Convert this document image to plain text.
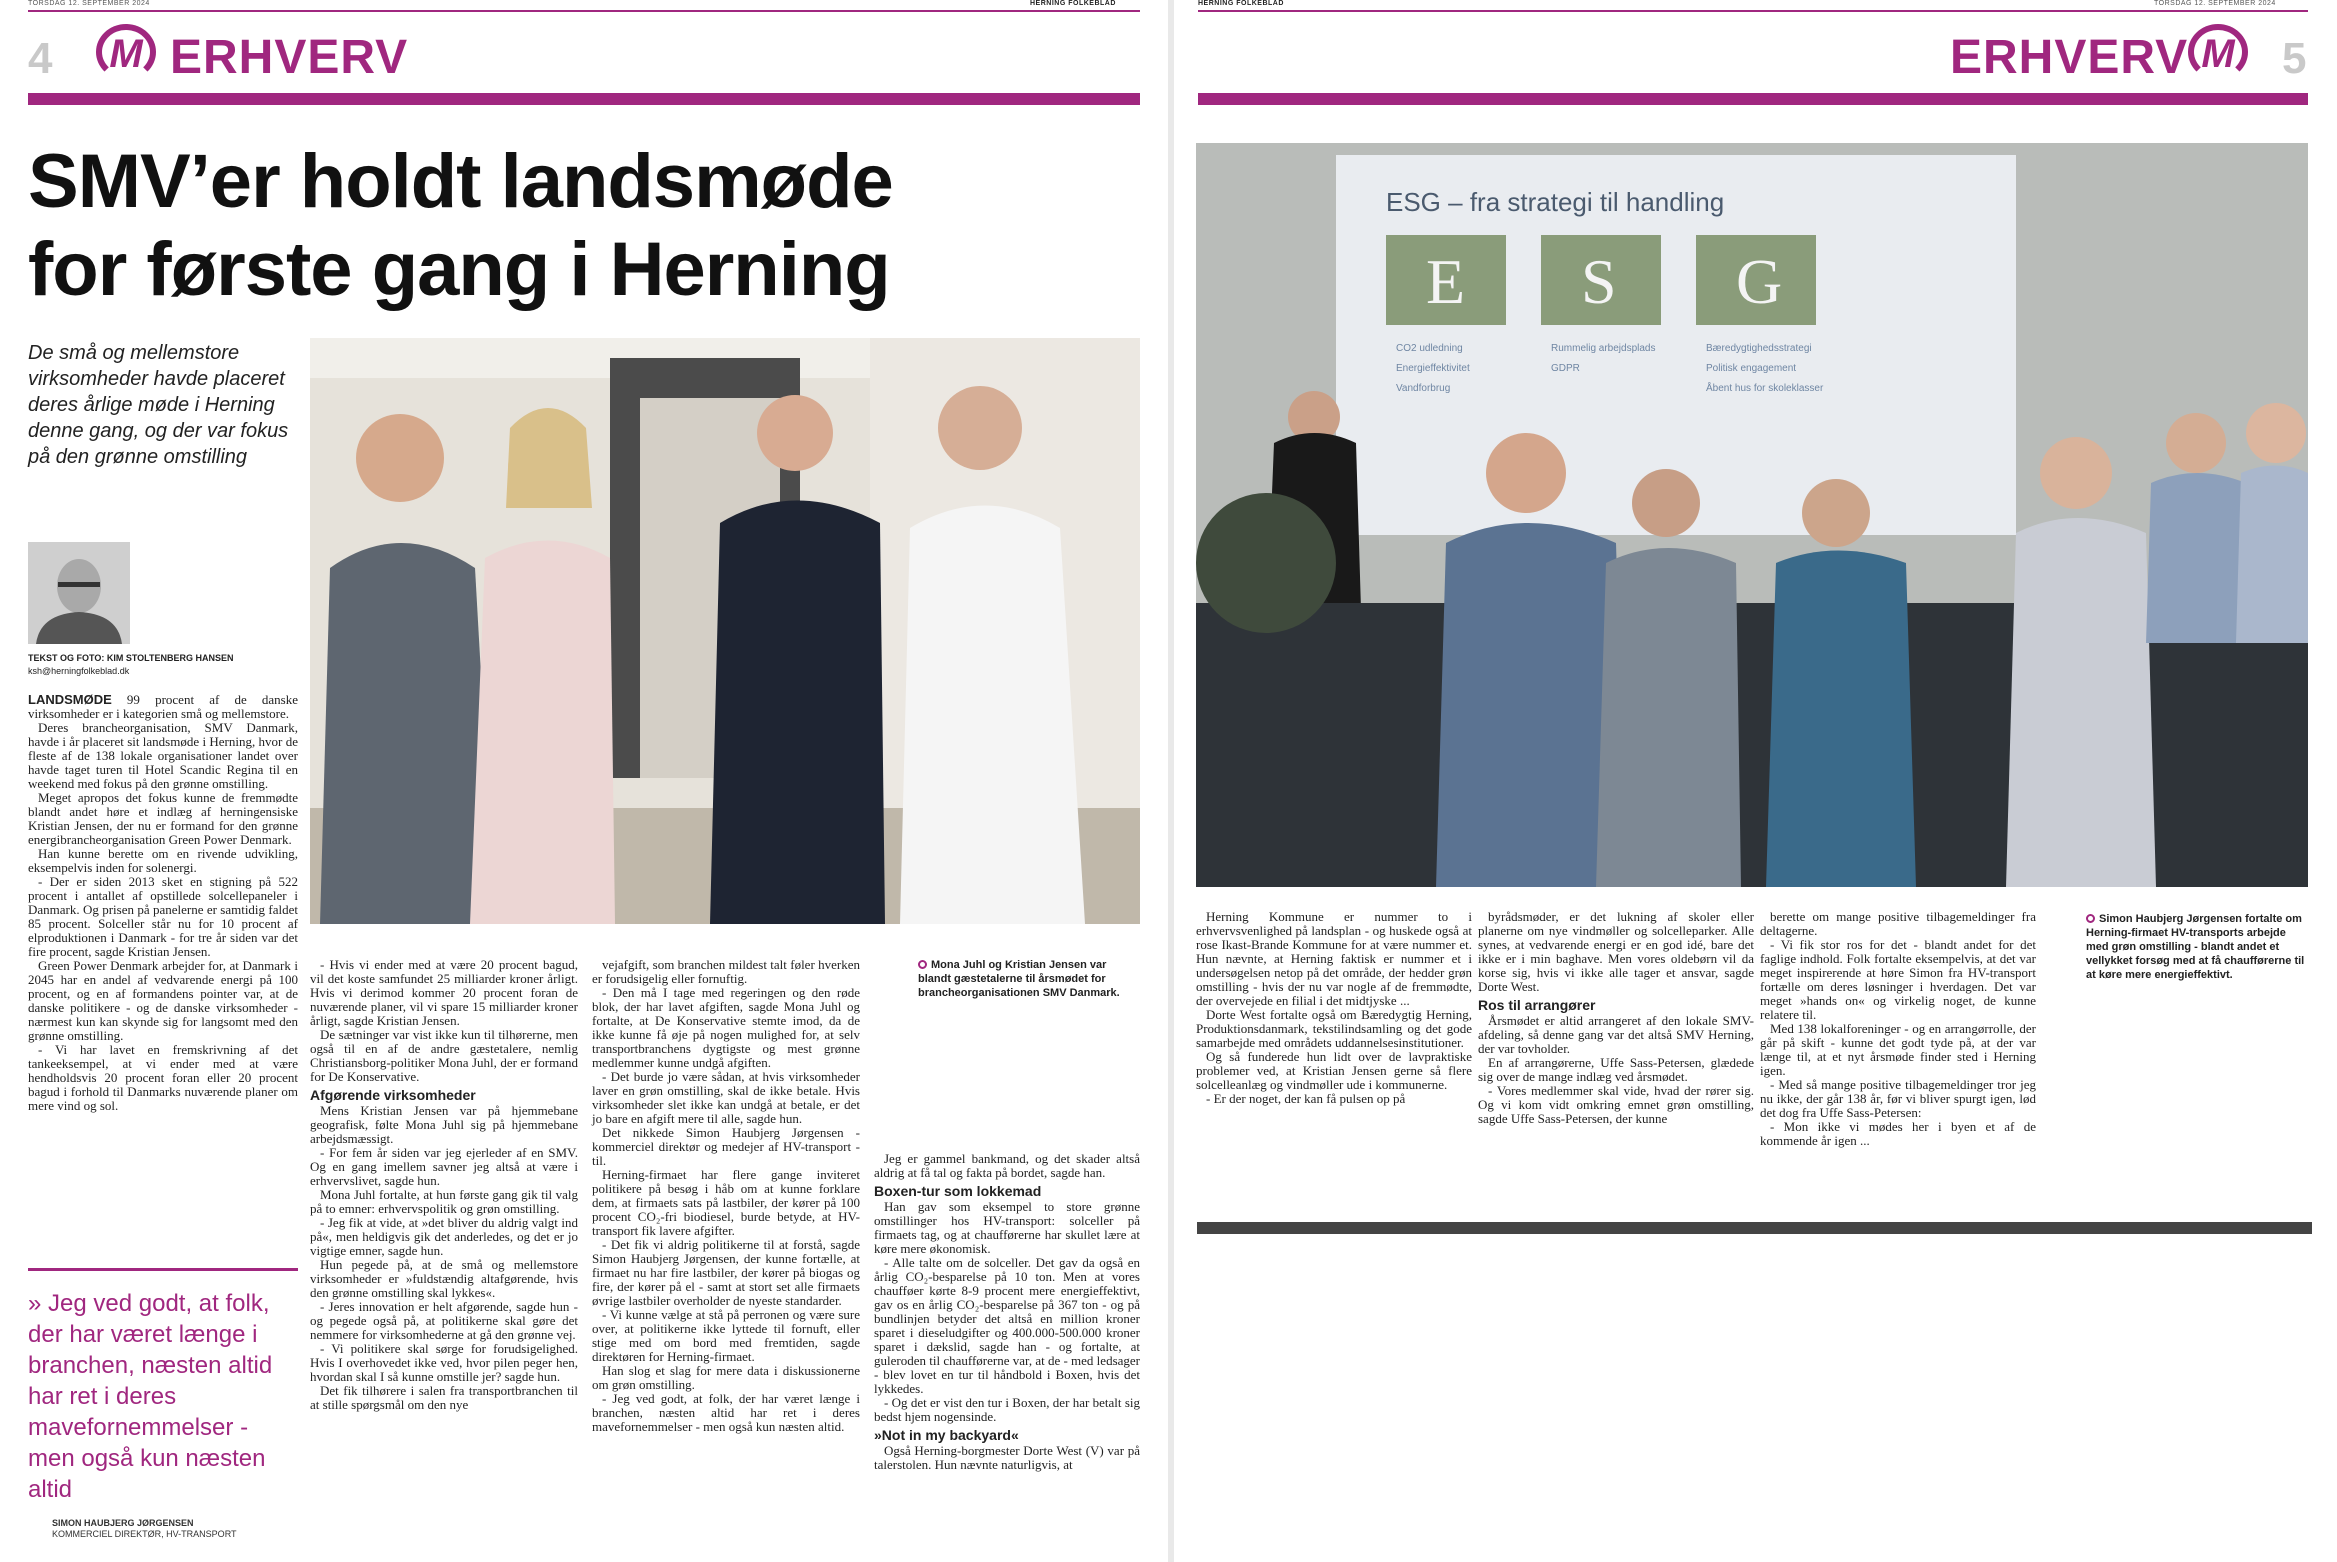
TORSDAG 12. SEPTEMBER 2024	HERNING FOLKEBLAD
4 M ERHVERV
SMV’er holdt landsmøde
for første gang i Herning
De små og mellemstore virksomheder havde placeret deres årlige møde i Herning denne gang, og der var fokus på den grønne omstilling
TEKST OG FOTO: KIM STOLTENBERG HANSEN
ksh@herningfolkeblad.dk
LANDSMØDE 99 procent af de danske virksomheder er i kategorien små og mellemstore.
Deres brancheorganisation, SMV Danmark, havde i år placeret sit landsmøde i Herning, hvor de fleste af de 138 lokale organisationer landet over havde taget turen til Hotel Scandic Regina til en weekend med fokus på den grønne omstilling.
Meget apropos det fokus kunne de fremmødte blandt andet høre et indlæg af herningensiske Kristian Jensen, der nu er formand for den grønne energibrancheorganisation Green Power Denmark.
Han kunne berette om en rivende udvikling, eksempelvis inden for solenergi.
- Der er siden 2013 sket en stigning på 522 procent i antallet af opstillede solcellepaneler i Danmark. Og prisen på panelerne er samtidig faldet 85 procent. Solceller står nu for 10 procent af elproduktionen i Danmark - for tre år siden var det fire procent, sagde Kristian Jensen.
Green Power Denmark arbejder for, at Danmark i 2045 har en andel af vedvarende energi på 100 procent, og en af formandens pointer var, at de danske politikere - og de danske virksomheder - nærmest kun kan skynde sig for langsomt med den grønne omstilling.
- Vi har lavet en fremskrivning af det tankeeksempel, at vi ender med at være hendholdsvis 20 procent foran eller 20 procent bagud i forhold til Danmarks nuværende planer om mere vind og sol.
» Jeg ved godt, at folk, der har været længe i branchen, næsten altid har ret i deres mavefornemmelser - men også kun næsten altid
SIMON HAUBJERG JØRGENSEN
KOMMERCIEL DIREKTØR, HV-TRANSPORT
- Hvis vi ender med at være 20 procent bagud, vil det koste samfundet 25 milliarder kroner årligt. Hvis vi derimod kommer 20 procent foran de nuværende planer, vil vi spare 15 milliarder kroner årligt, sagde Kristian Jensen.
De sætninger var vist ikke kun til tilhørerne, men også til en af de andre gæstetalere, nemlig Christiansborg-politiker Mona Juhl, der er formand for De Konservative.
Afgørende virksomheder
Mens Kristian Jensen var på hjemmebane geografisk, følte Mona Juhl sig på hjemmebane arbejdsmæssigt.
- For fem år siden var jeg ejerleder af en SMV. Og en gang imellem savner jeg altså at være i erhvervslivet, sagde hun.
Mona Juhl fortalte, at hun første gang gik til valg på to emner: erhvervspolitik og grøn omstilling.
- Jeg fik at vide, at »det bliver du aldrig valgt ind på«, men heldigvis gik det anderledes, og det er jo vigtige emner, sagde hun.
Hun pegede på, at de små og mellemstore virksomheder er »fuldstændig altafgørende, hvis den grønne omstilling skal lykkes«.
- Jeres innovation er helt afgørende, sagde hun - og pegede også på, at politikerne skal gøre det nemmere for virksomhederne at gå den grønne vej.
- Vi politikere skal sørge for forudsigelighed. Hvis I overhovedet ikke ved, hvor pilen peger hen, hvordan skal I så kunne omstille jer? sagde hun.
Det fik tilhørere i salen fra transportbranchen til at stille spørgsmål om den nye
vejafgift, som branchen mildest talt føler hverken er forudsigelig eller fornuftig.
- Den må I tage med regeringen og den røde blok, der har lavet afgiften, sagde Mona Juhl og fortalte, at De Konservative stemte imod, da de ikke kunne få øje på nogen mulighed for, at selv transportbranchens dygtigste og mest grønne medlemmer kunne undgå afgiften.
- Det burde jo være sådan, at hvis virksomheder laver en grøn omstilling, skal de ikke betale. Hvis virksomheder slet ikke kan undgå at betale, er det jo bare en afgift mere til alle, sagde hun.
Det nikkede Simon Haubjerg Jørgensen - kommerciel direktør og medejer af HV-transport - til.
Herning-firmaet har flere gange inviteret politikere på besøg i håb om at kunne forklare dem, at firmaets sats på lastbiler, der kører på 100 procent CO₂-fri biodiesel, burde betyde, at HV-transport fik lavere afgifter.
- Det fik vi aldrig politikerne til at forstå, sagde Simon Haubjerg Jørgensen, der kunne fortælle, at firmaet nu har fire lastbiler, der kører på biogas og fire, der kører på el - samt at stort set alle firmaets øvrige lastbiler overholder de nyeste standarder.
- Vi kunne vælge at stå på perronen og være sure over, at politikerne ikke lyttede til fornuft, eller stige med om bord med fremtiden, sagde direktøren for Herning-firmaet.
Han slog et slag for mere data i diskussionerne om grøn omstilling.
- Jeg ved godt, at folk, der har været længe i branchen, næsten altid har ret i deres mavefornemmelser - men også kun næsten altid.
Mona Juhl og Kristian Jensen var blandt gæstetalerne til årsmødet for brancheorganisationen SMV Danmark.
Jeg er gammel bankmand, og det skader altså aldrig at få tal og fakta på bordet, sagde han.
Boxen-tur som lokkemad
Han gav som eksempel to store grønne omstillinger hos HV-transport: solceller på firmaets tag, og at chaufførerne har skullet lære at køre mere økonomisk.
- Alle talte om de solceller. Det gav da også en årlig CO₂-besparelse på 10 ton. Men at vores chaufføer kørte 8-9 procent mere energieffektivt, gav os en årlig CO₂-besparelse på 367 ton - og på bundlinjen betyder det altså en million kroner sparet i dieseludgifter og 400.000-500.000 kroner sparet i dækslid, sagde han - og fortalte, at guleroden til chaufførerne var, at de - med ledsager - blev lovet en tur til håndbold i Boxen, hvis det lykkedes.
- Og det er vist den tur i Boxen, der har betalt sig bedst hjem nogensinde.
»Not in my backyard«
Også Herning-borgmester Dorte West (V) var på talerstolen. Hun nævnte naturligvis, at
HERNING FOLKEBLAD	TORSDAG 12. SEPTEMBER 2024
ERHVERV M 5
ESG – fra strategi til handling
E S G
CO2 udledning
Energieffektivitet
Vandforbrug
Rummelig arbejdsplads
GDPR
Bæredygtighedsstrategi
Politisk engagement
Åbent hus for skoleklasser
Herning Kommune er nummer to i erhvervsvenlighed på landsplan - og huskede også at rose Ikast-Brande Kommune for at være nummer et. Hun nævnte, at Herning faktisk er nummer et i undersøgelsen netop på det område, der hedder grøn omstilling - hvis der nu var nogle af de fremmødte, der overvejede en filial i det midtjyske ...
Dorte West fortalte også om Bæredygtig Herning, Produktionsdanmark, tekstilindsamling og det gode samarbejde med områdets uddannelsesinstitutioner.
Og så funderede hun lidt over de lavpraktiske problemer ved, at Kristian Jensen gerne så flere solcelleanlæg og vindmøller ude i kommunerne.
- Er der noget, der kan få pulsen op på
byrådsmøder, er det lukning af skoler eller planerne om nye vindmøller og solcelleparker. Alle synes, at vedvarende energi er en god idé, bare det ikke er i min baghave. Men vores oldebørn vil da korse sig, hvis vi ikke alle tager et ansvar, sagde Dorte West.
Ros til arrangører
Årsmødet er altid arrangeret af den lokale SMV-afdeling, så denne gang var det altså SMV Herning, der var tovholder.
En af arrangørerne, Uffe Sass-Petersen, glædede sig over de mange indlæg ved årsmødet.
- Vores medlemmer skal vide, hvad der rører sig. Og vi kom vidt omkring emnet grøn omstilling, sagde Uffe Sass-Petersen, der kunne
berette om mange positive tilbagemeldinger fra deltagerne.
- Vi fik stor ros for det - blandt andet for det faglige indhold. Folk fortalte eksempelvis, at det var meget inspirerende at høre Simon fra HV-transport fortælle om deres løsninger i hverdagen. Det var meget »hands on« og virkelig noget, de kunne relatere til.
Med 138 lokalforeninger - og en arrangørrolle, der går på skift - kunne det godt tyde på, at der var længe til, at et nyt årsmøde finder sted i Herning igen.
- Med så mange positive tilbagemeldinger tror jeg nu ikke, der går 138 år, før vi bliver spurgt igen, lød det dog fra Uffe Sass-Petersen:
- Mon ikke vi mødes her i byen et af de kommende år igen ...
Simon Haubjerg Jørgensen fortalte om Herning-firmaet HV-transports arbejde med grøn omstilling - blandt andet et vellykket forsøg med at få chaufførerne til at køre mere energieffektivt.
